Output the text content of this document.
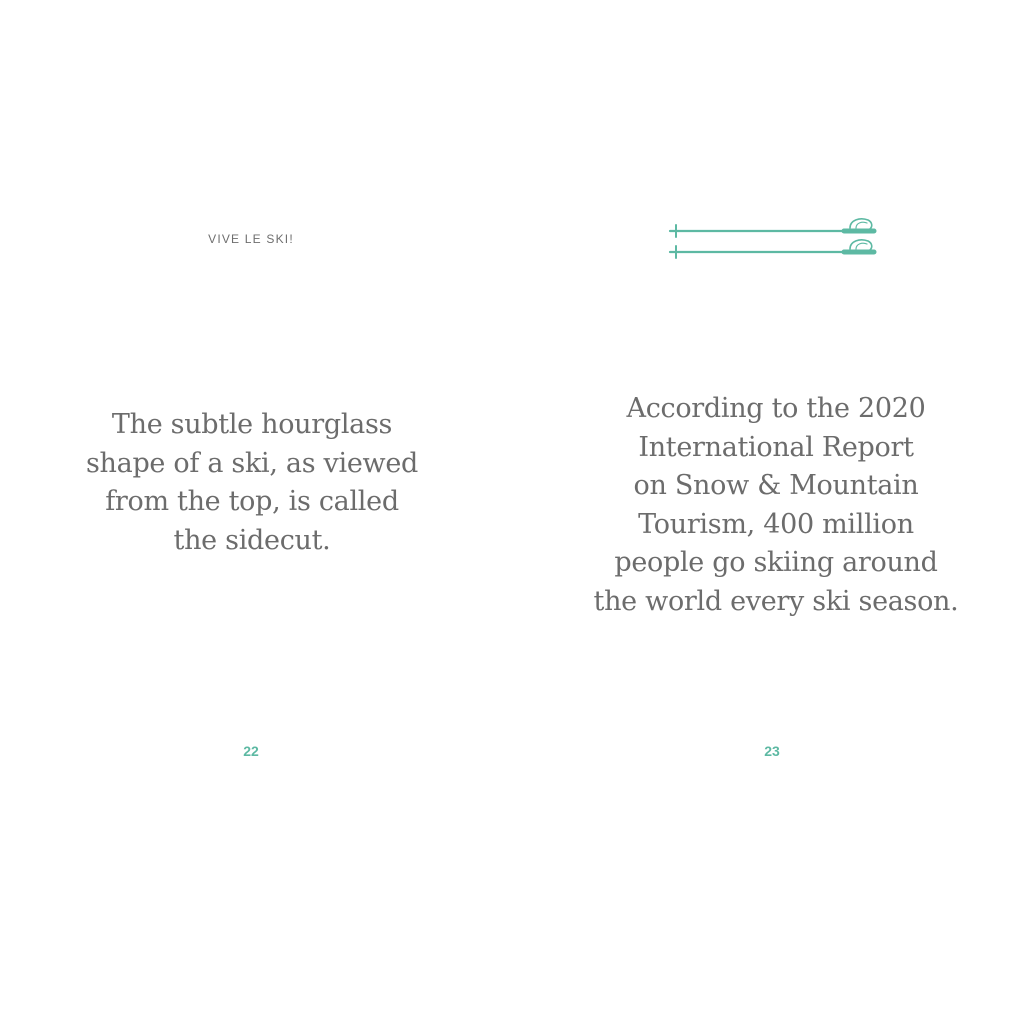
VIVE LE SKI!
The subtle hourglass
shape of a ski, as viewed
from the top, is called
the sidecut.
22
According to the 2020
International Report
on Snow & Mountain
Tourism, 400 million
people go skiing around
the world every ski season.
23
